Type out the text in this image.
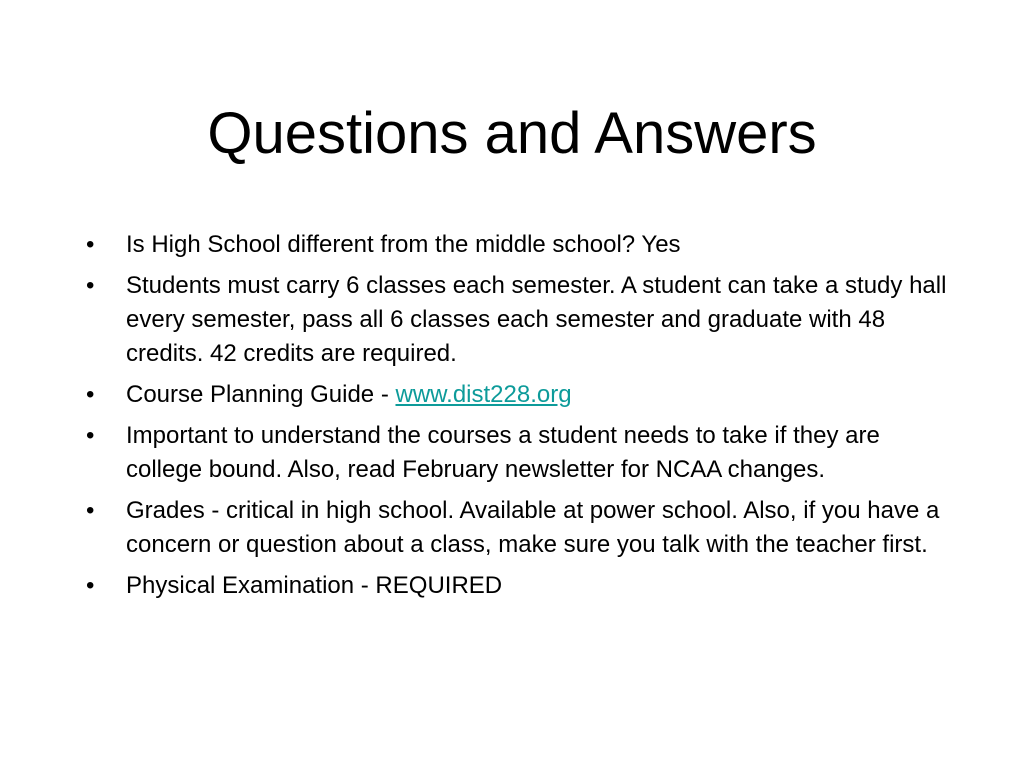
Questions and Answers
•	Is High School different from the middle school? Yes
•	Students must carry 6 classes each semester. A student can take a study hall every semester, pass all 6 classes each semester and graduate with 48 credits. 42 credits are required.
•	Course Planning Guide - www.dist228.org
•	Important to understand the courses a student needs to take if they are college bound. Also, read February newsletter for NCAA changes.
•	Grades - critical in high school. Available at power school. Also, if you have a concern or question about a class, make sure you talk with the teacher first.
•	Physical Examination - REQUIRED
